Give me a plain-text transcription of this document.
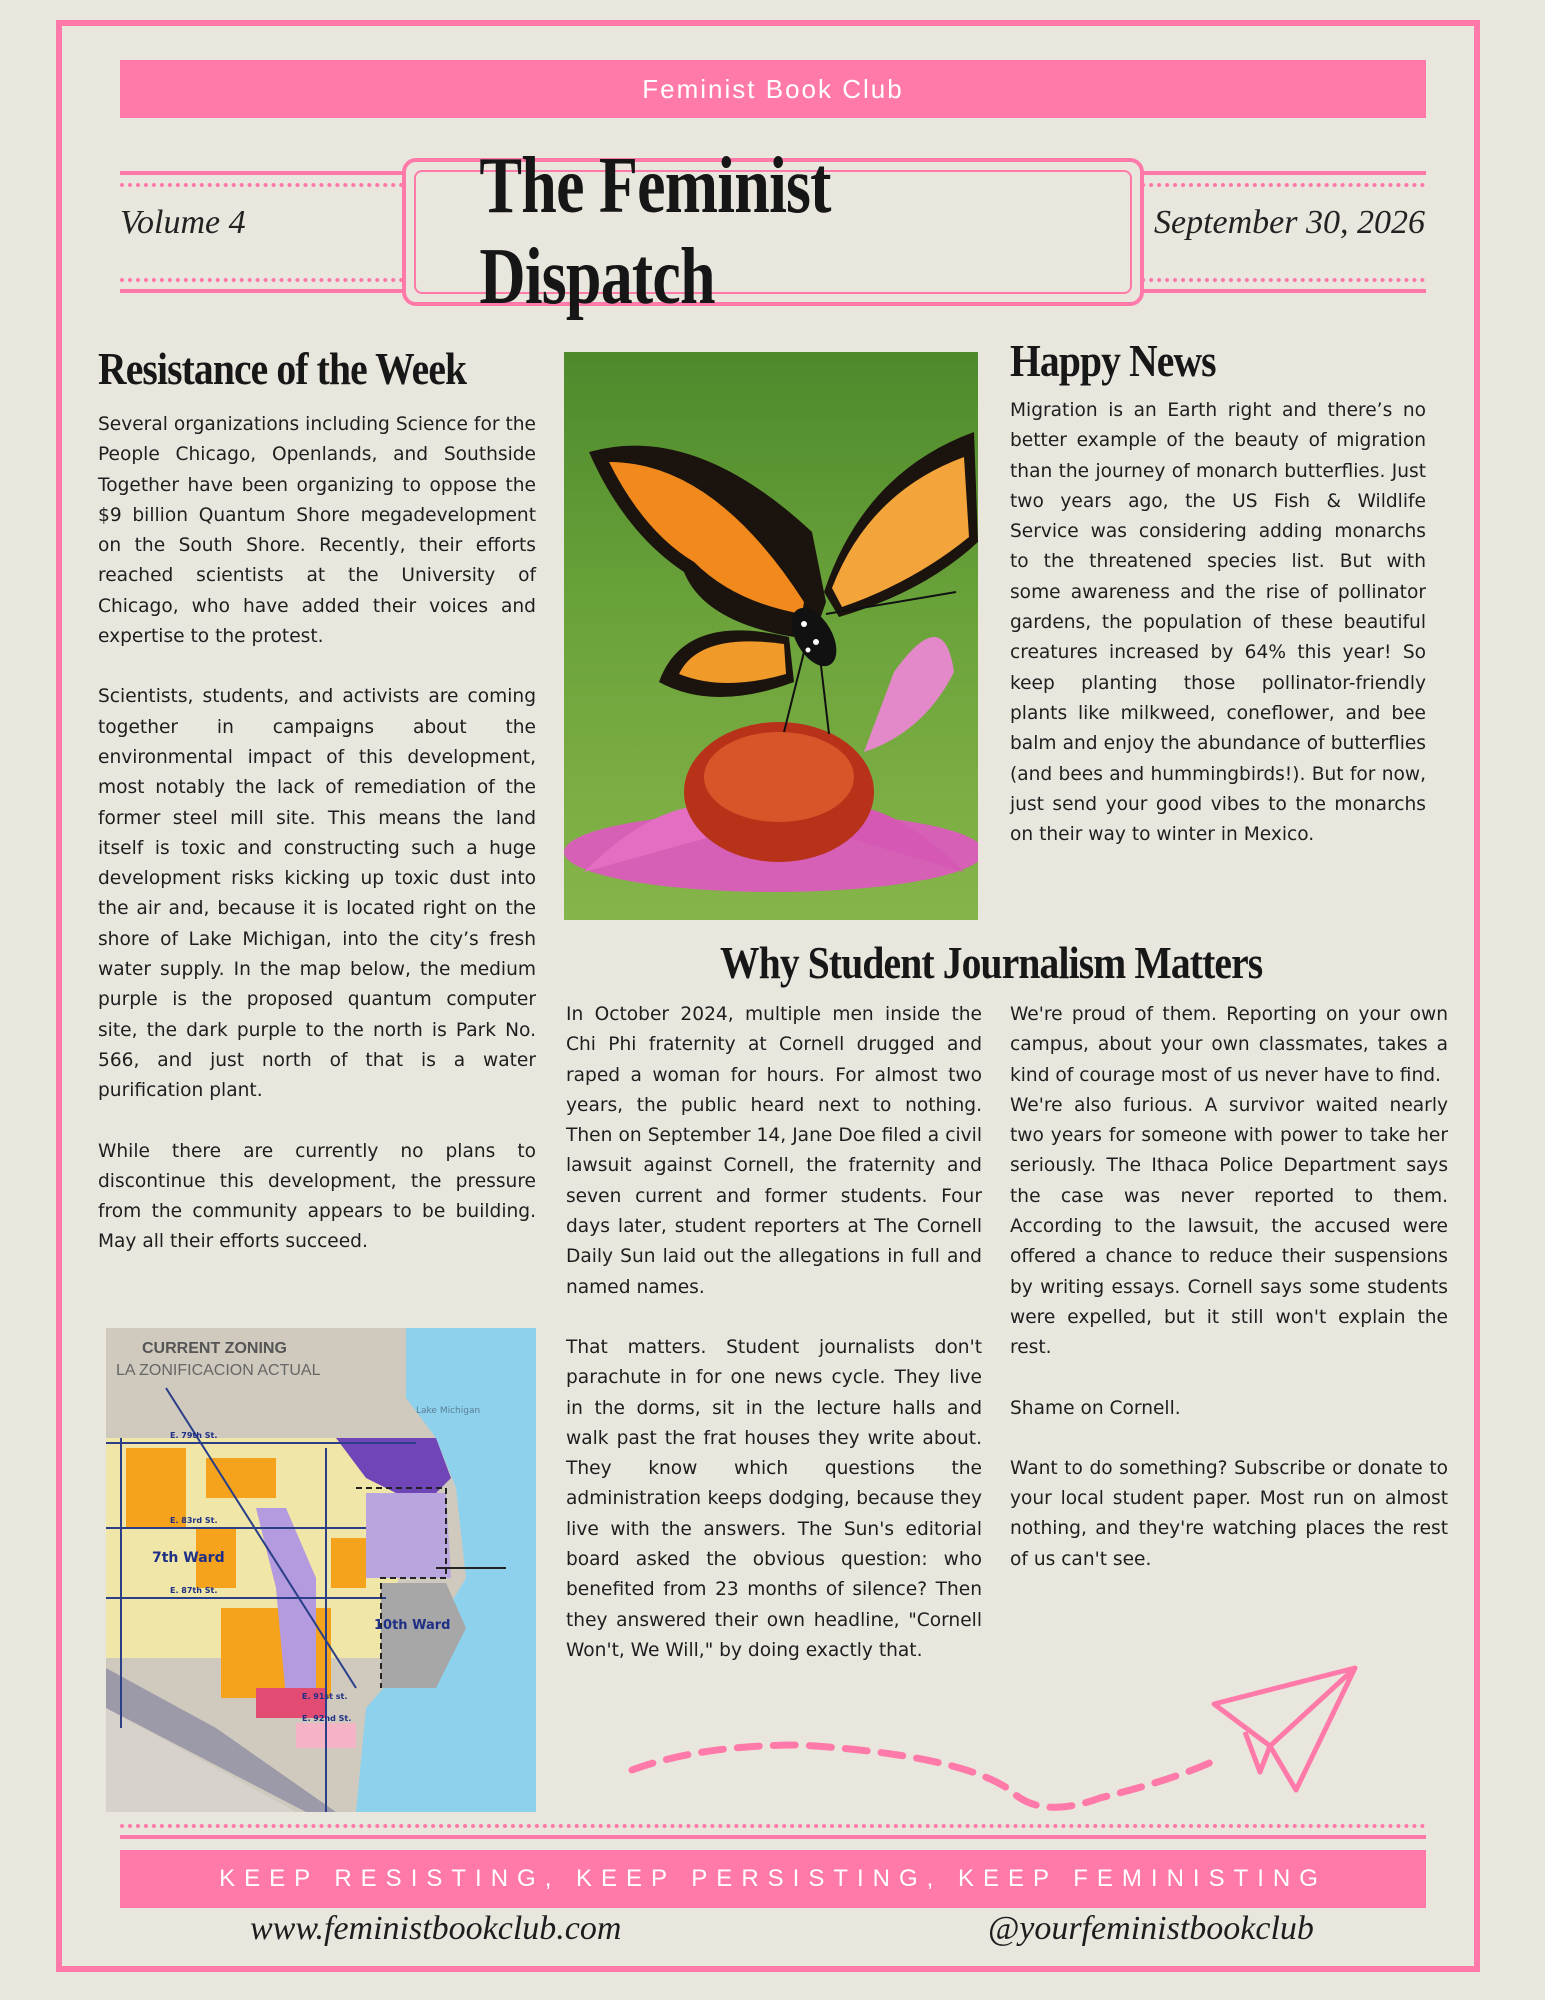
Feminist Book Club
Volume 4	September 30, 2026
The Feminist Dispatch
Resistance of the Week

Several organizations including Science for the People Chicago, Openlands, and Southside Together have been organizing to oppose the $9 billion Quantum Shore megadevelopment on the South Shore. Recently, their efforts reached scientists at the University of Chicago, who have added their voices and expertise to the protest.

Scientists, students, and activists are coming together in campaigns about the environmental impact of this development, most notably the lack of remediation of the former steel mill site. This means the land itself is toxic and constructing such a huge development risks kicking up toxic dust into the air and, because it is located right on the shore of Lake Michigan, into the city’s fresh water supply. In the map below, the medium purple is the proposed quantum computer site, the dark purple to the north is Park No. 566, and just north of that is a water purification plant.

While there are currently no plans to discontinue this development, the pressure from the community appears to be building. May all their efforts succeed.

CURRENT ZONING
LA ZONIFICACION ACTUAL
Lake Michigan
7th Ward
10th Ward
E. 79th St.
E. 83rd St.
E. 87th St.
E. 91st st.
E. 92nd St.
Happy News

Migration is an Earth right and there’s no better example of the beauty of migration than the journey of monarch butterflies. Just two years ago, the US Fish & Wildlife Service was considering adding monarchs to the threatened species list. But with some awareness and the rise of pollinator gardens, the population of these beautiful creatures increased by 64% this year! So keep planting those pollinator-friendly plants like milkweed, coneflower, and bee balm and enjoy the abundance of butterflies (and bees and hummingbirds!). But for now, just send your good vibes to the monarchs on their way to winter in Mexico.

Why Student Journalism Matters

In October 2024, multiple men inside the Chi Phi fraternity at Cornell drugged and raped a woman for hours. For almost two years, the public heard next to nothing. Then on September 14, Jane Doe filed a civil lawsuit against Cornell, the fraternity and seven current and former students. Four days later, student reporters at The Cornell Daily Sun laid out the allegations in full and named names.

That matters. Student journalists don't parachute in for one news cycle. They live in the dorms, sit in the lecture halls and walk past the frat houses they write about. They know which questions the administration keeps dodging, because they live with the answers. The Sun's editorial board asked the obvious question: who benefited from 23 months of silence? Then they answered their own headline, "Cornell Won't, We Will," by doing exactly that.

We're proud of them. Reporting on your own campus, about your own classmates, takes a kind of courage most of us never have to find.

We're also furious. A survivor waited nearly two years for someone with power to take her seriously. The Ithaca Police Department says the case was never reported to them. According to the lawsuit, the accused were offered a chance to reduce their suspensions by writing essays. Cornell says some students were expelled, but it still won't explain the rest.

Shame on Cornell.

Want to do something? Subscribe or donate to your local student paper. Most run on almost nothing, and they're watching places the rest of us can't see.

KEEP RESISTING, KEEP PERSISTING, KEEP FEMINISTING
www.feministbookclub.com	@yourfeministbookclub
